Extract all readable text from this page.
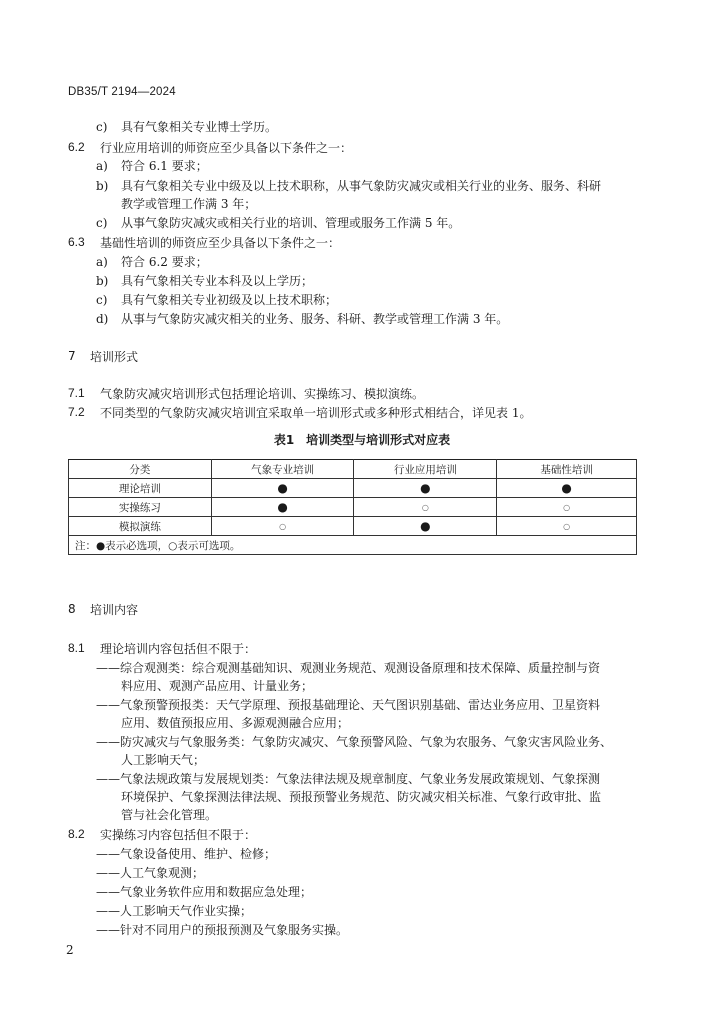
DB35/T 2194—2024
c) 具有气象相关专业博士学历。
6.2 行业应用培训的师资应至少具备以下条件之一：
a) 符合 6.1 要求；
b) 具有气象相关专业中级及以上技术职称，从事气象防灾减灾或相关行业的业务、服务、科研
教学或管理工作满 3 年；
c) 从事气象防灾减灾或相关行业的培训、管理或服务工作满 5 年。
6.3 基础性培训的师资应至少具备以下条件之一：
a) 符合 6.2 要求；
b) 具有气象相关专业本科及以上学历；
c) 具有气象相关专业初级及以上技术职称；
d) 从事与气象防灾减灾相关的业务、服务、科研、教学或管理工作满 3 年。
7 培训形式
7.1 气象防灾减灾培训形式包括理论培训、实操练习、模拟演练。
7.2 不同类型的气象防灾减灾培训宜采取单一培训形式或多种形式相结合，详见表 1。
表1　培训类型与培训形式对应表
分类	气象专业培训	行业应用培训	基础性培训
理论培训	●	●	●
实操练习	●	○	○
模拟演练	○	●	○
注：●表示必选项，○表示可选项。			
8 培训内容
8.1 理论培训内容包括但不限于：
——综合观测类：综合观测基础知识、观测业务规范、观测设备原理和技术保障、质量控制与资
料应用、观测产品应用、计量业务；
——气象预警预报类：天气学原理、预报基础理论、天气图识别基础、雷达业务应用、卫星资料
应用、数值预报应用、多源观测融合应用；
——防灾减灾与气象服务类：气象防灾减灾、气象预警风险、气象为农服务、气象灾害风险业务、
人工影响天气；
——气象法规政策与发展规划类：气象法律法规及规章制度、气象业务发展政策规划、气象探测
环境保护、气象探测法律法规、预报预警业务规范、防灾减灾相关标准、气象行政审批、监
管与社会化管理。
8.2 实操练习内容包括但不限于：
——气象设备使用、维护、检修；
——人工气象观测；
——气象业务软件应用和数据应急处理；
——人工影响天气作业实操；
——针对不同用户的预报预测及气象服务实操。
2
